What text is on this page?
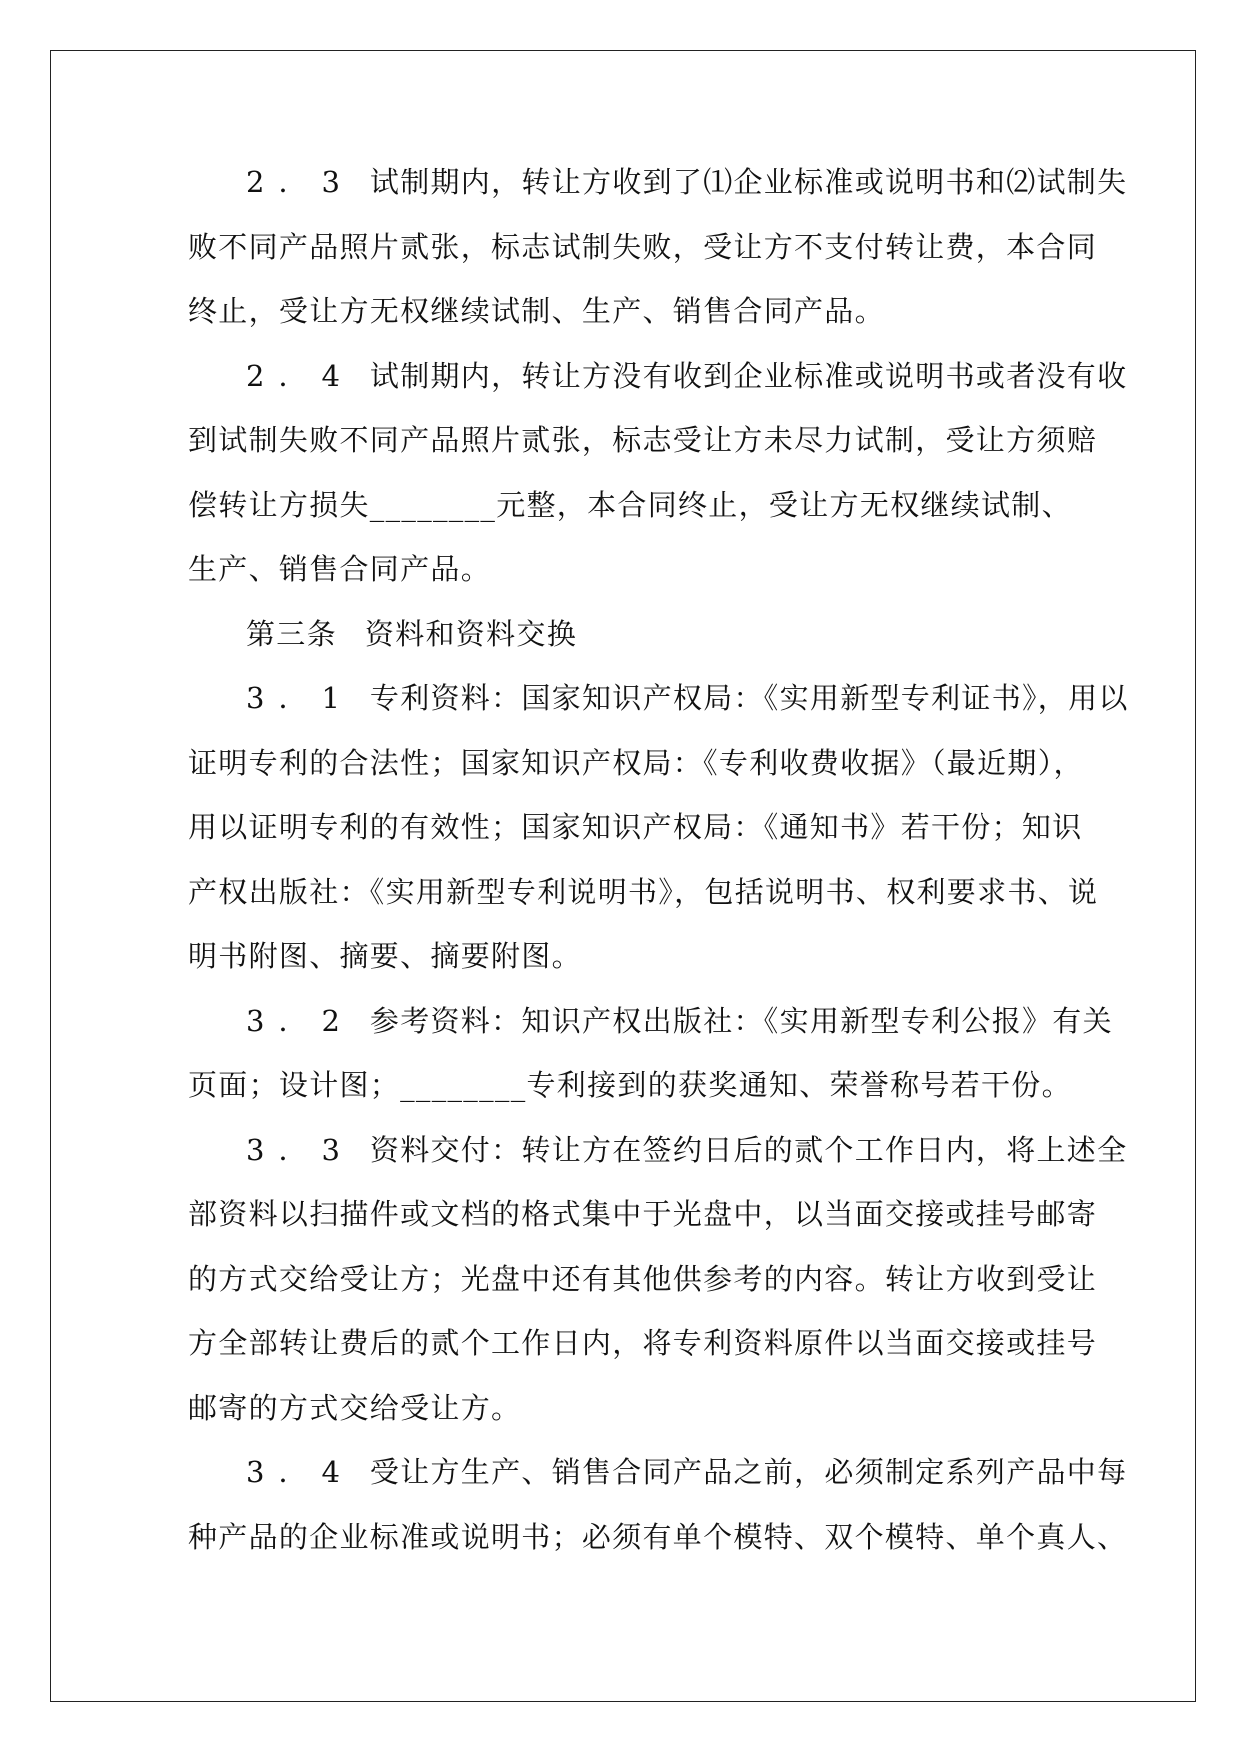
2．3 试制期内，转让方收到了⑴企业标准或说明书和⑵试制失
败不同产品照片贰张，标志试制失败，受让方不支付转让费，本合同
终止，受让方无权继续试制、生产、销售合同产品。
2．4 试制期内，转让方没有收到企业标准或说明书或者没有收
到试制失败不同产品照片贰张，标志受让方未尽力试制，受让方须赔
偿转让方损失________元整，本合同终止，受让方无权继续试制、
生产、销售合同产品。
第三条 资料和资料交换
3．1 专利资料：国家知识产权局：《实用新型专利证书》，用以
证明专利的合法性；国家知识产权局：《专利收费收据》（最近期），
用以证明专利的有效性；国家知识产权局：《通知书》若干份；知识
产权出版社：《实用新型专利说明书》，包括说明书、权利要求书、说
明书附图、摘要、摘要附图。
3．2 参考资料：知识产权出版社：《实用新型专利公报》有关
页面；设计图；________专利接到的获奖通知、荣誉称号若干份。
3．3 资料交付：转让方在签约日后的贰个工作日内，将上述全
部资料以扫描件或文档的格式集中于光盘中，以当面交接或挂号邮寄
的方式交给受让方；光盘中还有其他供参考的内容。转让方收到受让
方全部转让费后的贰个工作日内，将专利资料原件以当面交接或挂号
邮寄的方式交给受让方。
3．4 受让方生产、销售合同产品之前，必须制定系列产品中每
种产品的企业标准或说明书；必须有单个模特、双个模特、单个真人、
